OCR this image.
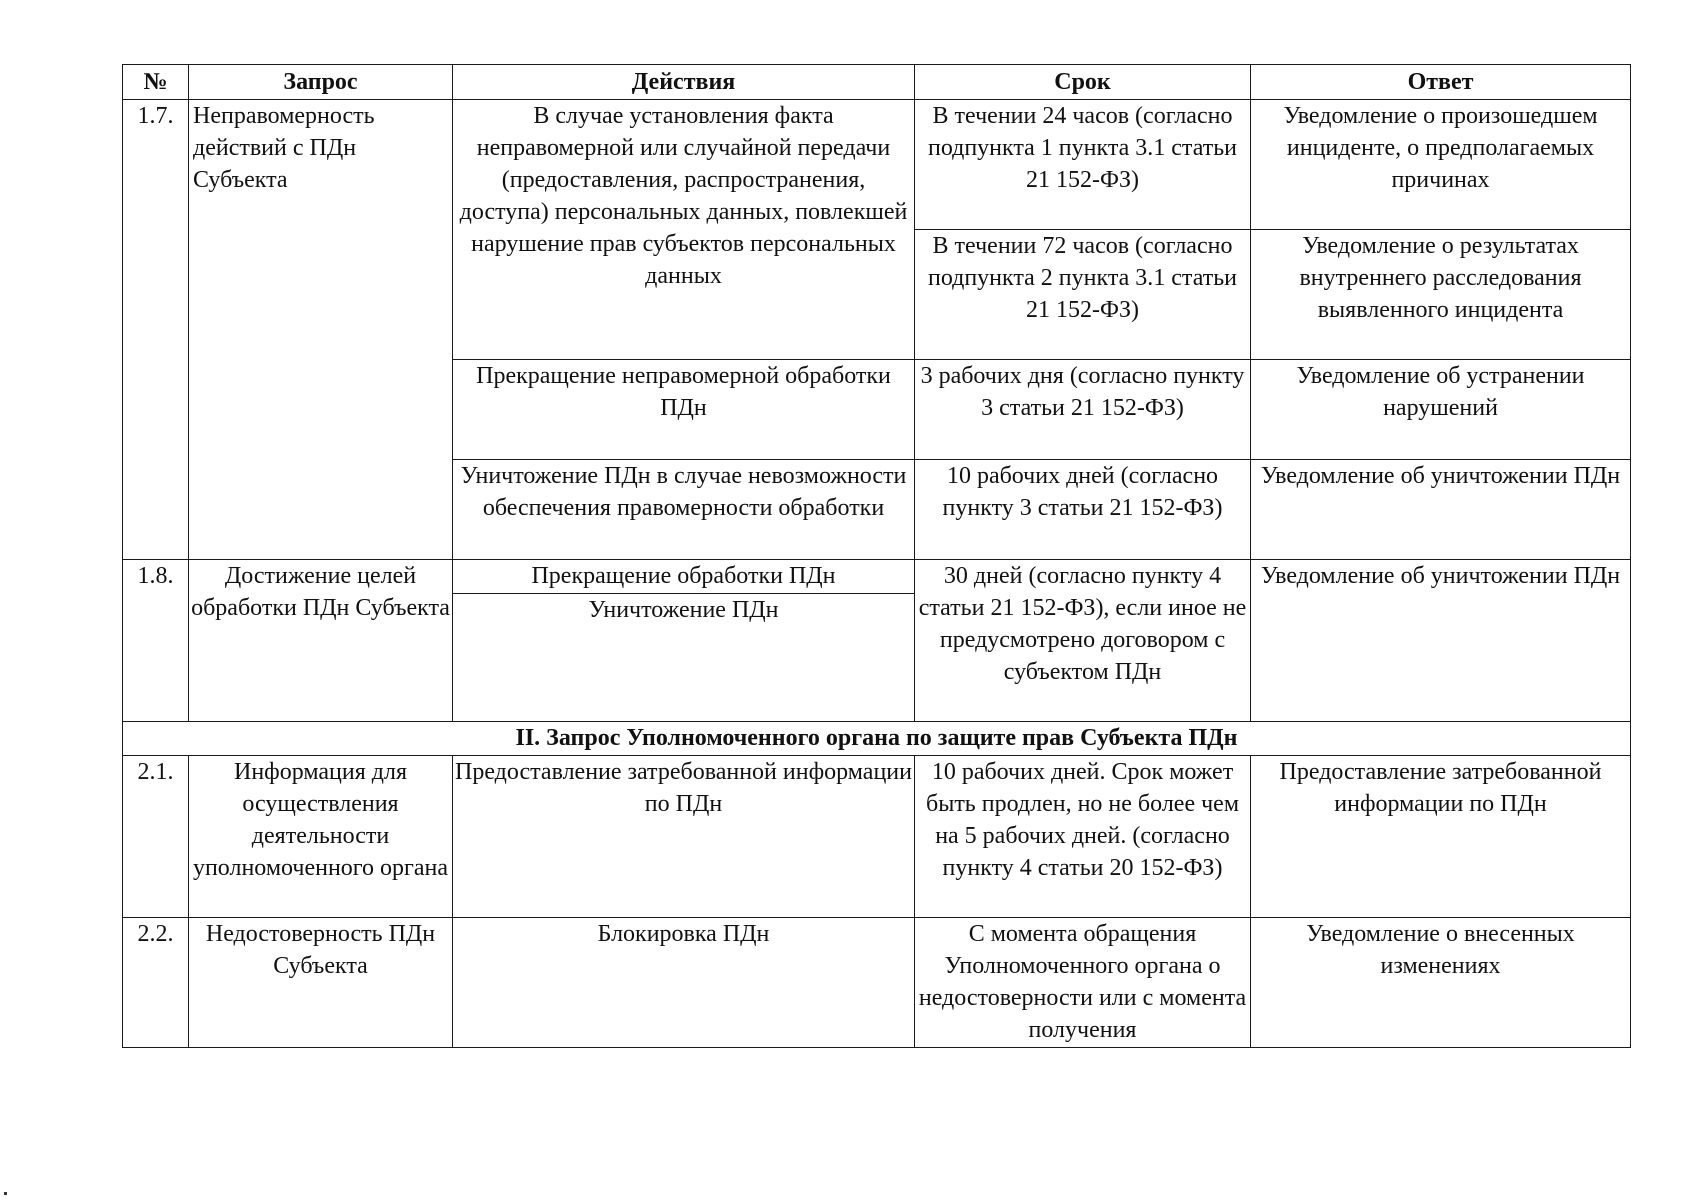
№	Запрос	Действия	Срок	Ответ
1.7.	Неправомерность действий с ПДн Субъекта	В случае установления факта неправомерной или случайной передачи (предоставления, распространения, доступа) персональных данных, повлекшей нарушение прав субъектов персональных данных	В течении 24 часов (согласно подпункта 1 пункта 3.1 статьи 21 152-ФЗ)	Уведомление о произошедшем инциденте, о предполагаемых причинах
			В течении 72 часов (согласно подпункта 2 пункта 3.1 статьи 21 152-ФЗ)	Уведомление о результатах внутреннего расследования выявленного инцидента
		Прекращение неправомерной обработки ПДн	3 рабочих дня (согласно пункту 3 статьи 21 152-ФЗ)	Уведомление об устранении нарушений
		Уничтожение ПДн в случае невозможности обеспечения правомерности обработки	10 рабочих дней (согласно пункту 3 статьи 21 152-ФЗ)	Уведомление об уничтожении ПДн
1.8.	Достижение целей обработки ПДн Субъекта	Прекращение обработки ПДн	30 дней (согласно пункту 4 статьи 21 152-ФЗ), если иное не предусмотрено договором с субъектом ПДн	Уведомление об уничтожении ПДн
		Уничтожение ПДн		
II. Запрос Уполномоченного органа по защите прав Субъекта ПДн				
2.1.	Информация для осуществления деятельности уполномоченного органа	Предоставление затребованной информации по ПДн	10 рабочих дней. Срок может быть продлен, но не более чем на 5 рабочих дней. (согласно пункту 4 статьи 20 152-ФЗ)	Предоставление затребованной информации по ПДн
2.2.	Недостоверность ПДн Субъекта	Блокировка ПДн	С момента обращения Уполномоченного органа о недостоверности или с момента получения	Уведомление о внесенных изменениях
